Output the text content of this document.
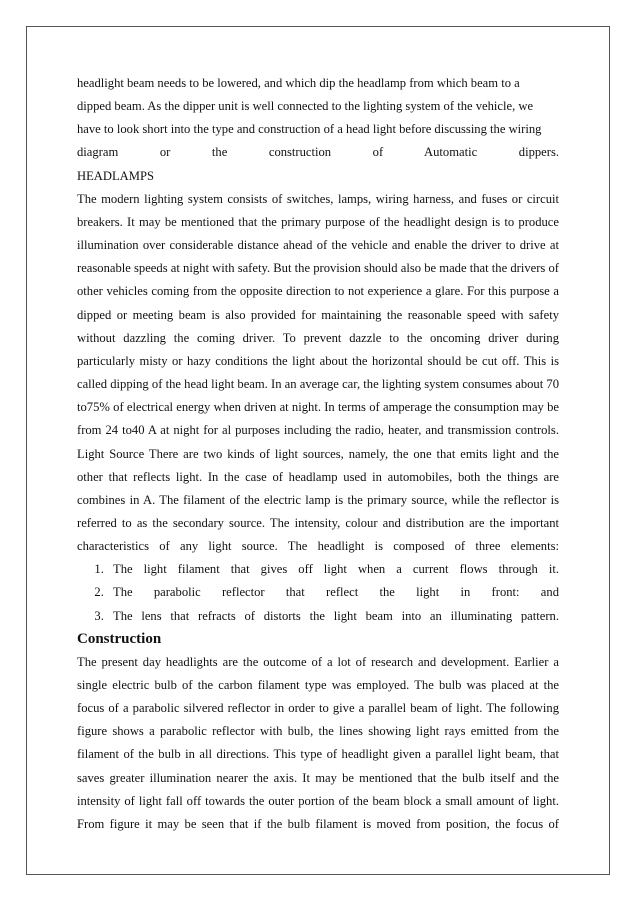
headlight beam needs to be lowered, and which dip the headlamp from which beam to a

dipped beam. As the dipper unit is well connected to the lighting system of the vehicle, we

have to look short into the type and construction of a head light before discussing the wiring

diagram or the construction of Automatic dippers.

HEADLAMPS

The modern lighting system consists of switches, lamps, wiring harness, and fuses or circuit breakers. It may be mentioned that the primary purpose of the headlight design is to produce illumination over considerable distance ahead of the vehicle and enable the driver to drive at reasonable speeds at night with safety. But the provision should also be made that the drivers of other vehicles coming from the opposite direction to not experience a glare. For this purpose a dipped or meeting beam is also provided for maintaining the reasonable speed with safety without dazzling the coming driver. To prevent dazzle to the oncoming driver during particularly misty or hazy conditions the light about the horizontal should be cut off. This is called dipping of the head light beam. In an average car, the lighting system consumes about 70 to75% of electrical energy when driven at night. In terms of amperage the consumption may be from 24 to40 A at night for al purposes including the radio, heater, and transmission controls. Light Source There are two kinds of light sources, namely, the one that emits light and the other that reflects light. In the case of headlamp used in automobiles, both the things are combines in A. The filament of the electric lamp is the primary source, while the reflector is referred to as the secondary source. The intensity, colour and distribution are the important characteristics of any light source. The headlight is composed of three elements:

1. The light filament that gives off light when a current flows through it.
2. The parabolic reflector that reflect the light in front: and
3. The lens that refracts of distorts the light beam into an illuminating pattern.
Construction

The present day headlights are the outcome of a lot of research and development. Earlier a single electric bulb of the carbon filament type was employed. The bulb was placed at the focus of a parabolic silvered reflector in order to give a parallel beam of light. The following figure shows a parabolic reflector with bulb, the lines showing light rays emitted from the filament of the bulb in all directions. This type of headlight given a parallel light beam, that saves greater illumination nearer the axis. It may be mentioned that the bulb itself and the intensity of light fall off towards the outer portion of the beam block a small amount of light. From figure it may be seen that if the bulb filament is moved from position, the focus of
